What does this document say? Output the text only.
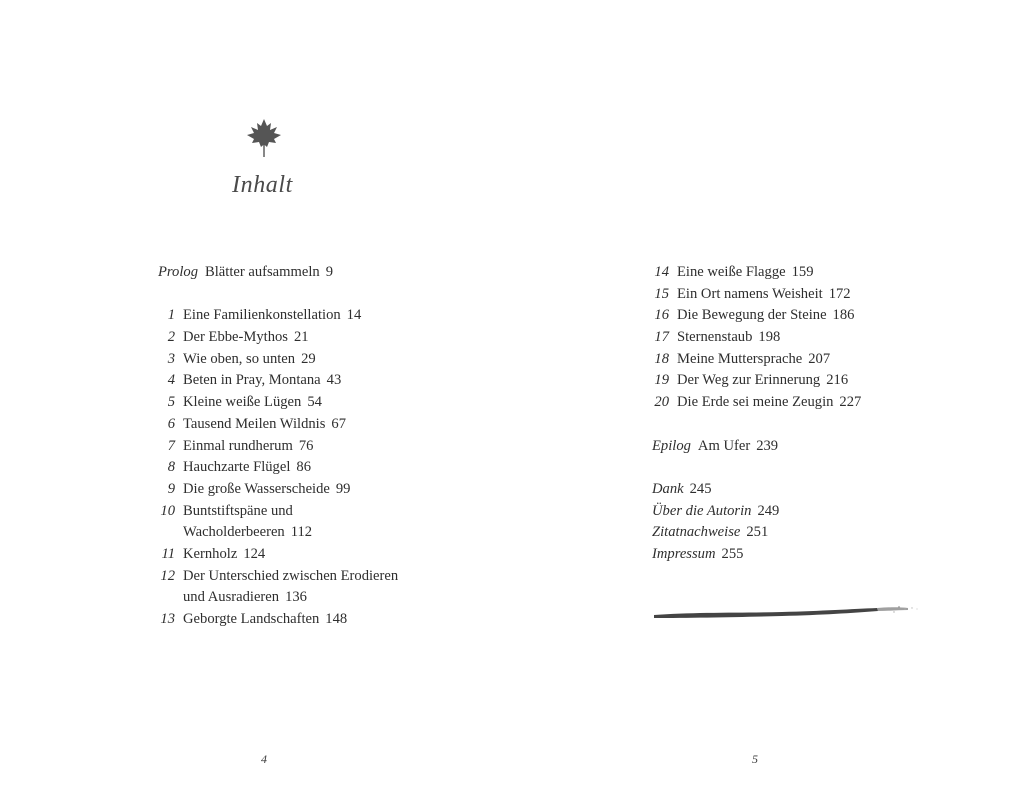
Inhalt
Prolog Blätter aufsammeln 9
1 Eine Familienkonstellation 14
2 Der Ebbe-Mythos 21
3 Wie oben, so unten 29
4 Beten in Pray, Montana 43
5 Kleine weiße Lügen 54
6 Tausend Meilen Wildnis 67
7 Einmal rundherum 76
8 Hauchzarte Flügel 86
9 Die große Wasserscheide 99
10 Buntstiftspäne und
Wacholderbeeren 112
11 Kernholz 124
12 Der Unterschied zwischen Erodieren
und Ausradieren 136
13 Geborgte Landschaften 148
14 Eine weiße Flagge 159
15 Ein Ort namens Weisheit 172
16 Die Bewegung der Steine 186
17 Sternenstaub 198
18 Meine Muttersprache 207
19 Der Weg zur Erinnerung 216
20 Die Erde sei meine Zeugin 227
Epilog Am Ufer 239
Dank 245
Über die Autorin 249
Zitatnachweise 251
Impressum 255
4	5
